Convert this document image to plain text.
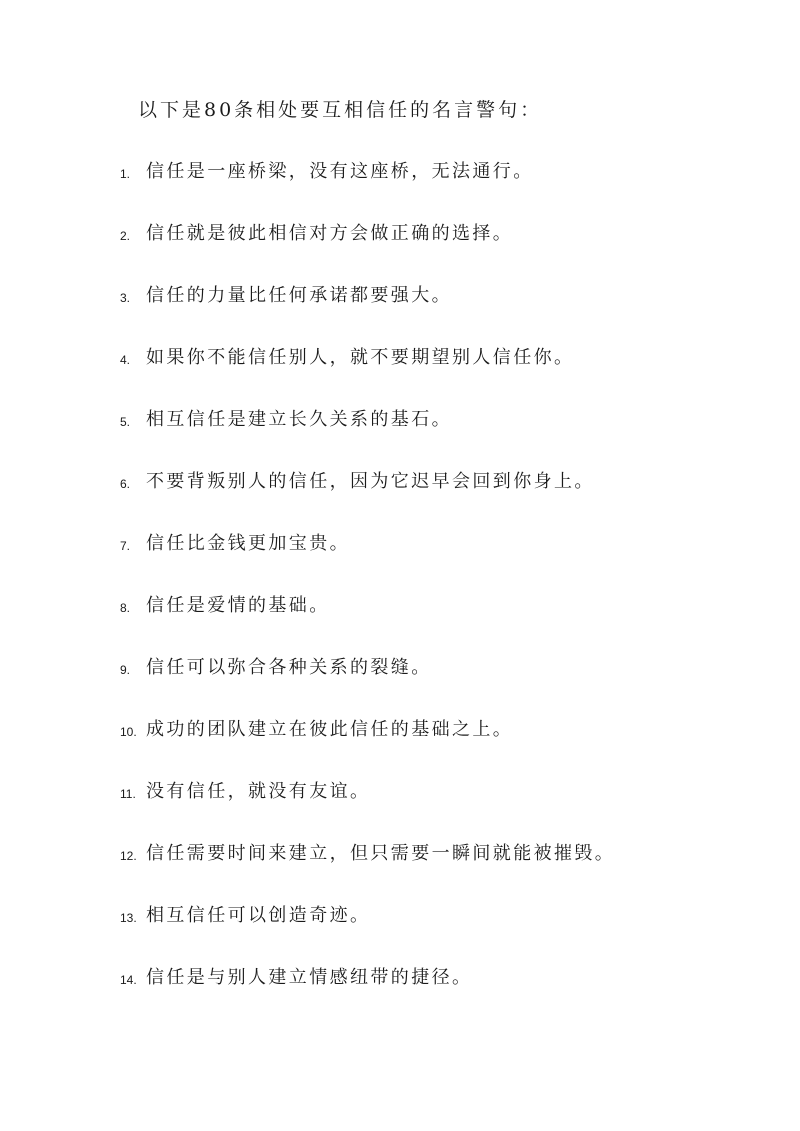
以下是80条相处要互相信任的名言警句：
1. 信任是一座桥梁，没有这座桥，无法通行。
2. 信任就是彼此相信对方会做正确的选择。
3. 信任的力量比任何承诺都要强大。
4. 如果你不能信任别人，就不要期望别人信任你。
5. 相互信任是建立长久关系的基石。
6. 不要背叛别人的信任，因为它迟早会回到你身上。
7. 信任比金钱更加宝贵。
8. 信任是爱情的基础。
9. 信任可以弥合各种关系的裂缝。
10. 成功的团队建立在彼此信任的基础之上。
11. 没有信任，就没有友谊。
12. 信任需要时间来建立，但只需要一瞬间就能被摧毁。
13. 相互信任可以创造奇迹。
14. 信任是与别人建立情感纽带的捷径。
